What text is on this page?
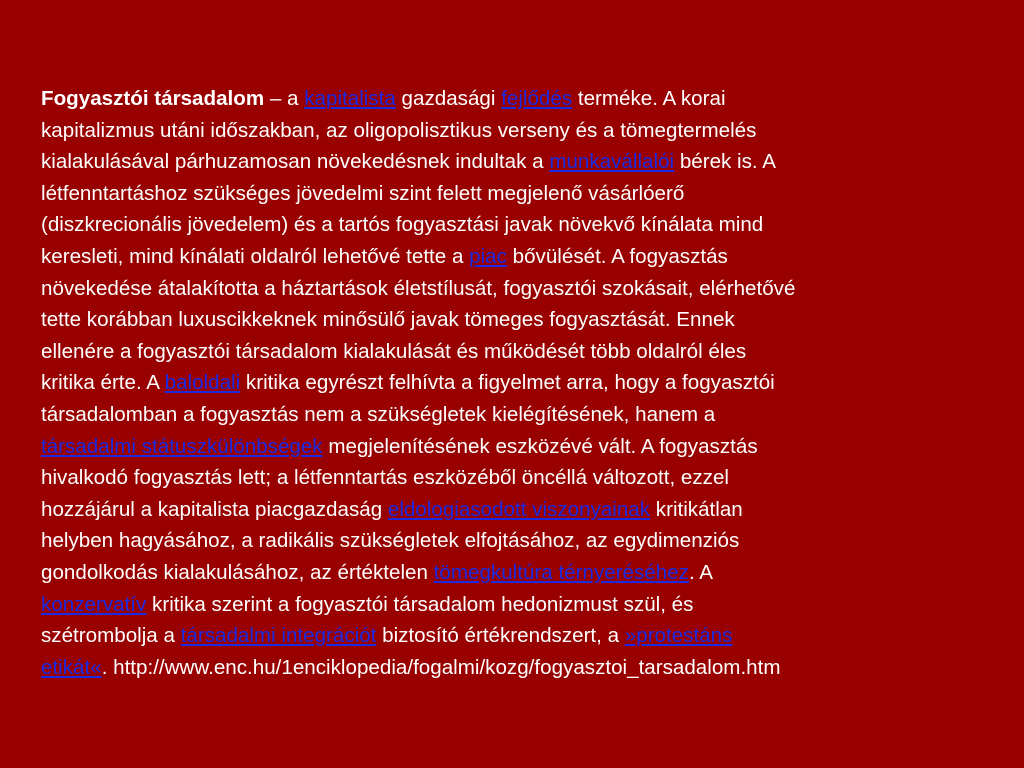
Fogyasztói társadalom – a kapitalista gazdasági fejlődés terméke. A korai
kapitalizmus utáni időszakban, az oligopolisztikus verseny és a tömegtermelés
kialakulásával párhuzamosan növekedésnek indultak a munkavállalói bérek is. A
létfenntartáshoz szükséges jövedelmi szint felett megjelenő vásárlóerő
(diszkrecionális jövedelem) és a tartós fogyasztási javak növekvő kínálata mind
keresleti, mind kínálati oldalról lehetővé tette a piac bővülését. A fogyasztás
növekedése átalakította a háztartások életstílusát, fogyasztói szokásait, elérhetővé
tette korábban luxuscikkeknek minősülő javak tömeges fogyasztását. Ennek
ellenére a fogyasztói társadalom kialakulását és működését több oldalról éles
kritika érte. A baloldali kritika egyrészt felhívta a figyelmet arra, hogy a fogyasztói
társadalomban a fogyasztás nem a szükségletek kielégítésének, hanem a
társadalmi státuszkülönbségek megjelenítésének eszközévé vált. A fogyasztás
hivalkodó fogyasztás lett; a létfenntartás eszközéből öncéllá változott, ezzel
hozzájárul a kapitalista piacgazdaság eldologiasodott viszonyainak kritikátlan
helyben hagyásához, a radikális szükségletek elfojtásához, az egydimenziós
gondolkodás kialakulásához, az értéktelen tömegkultúra térnyeréséhez. A
konzervatív kritika szerint a fogyasztói társadalom hedonizmust szül, és
szétrombolja a társadalmi integrációt biztosító értékrendszert, a »protestáns
etikát«. http://www.enc.hu/1enciklopedia/fogalmi/kozg/fogyasztoi_tarsadalom.htm
